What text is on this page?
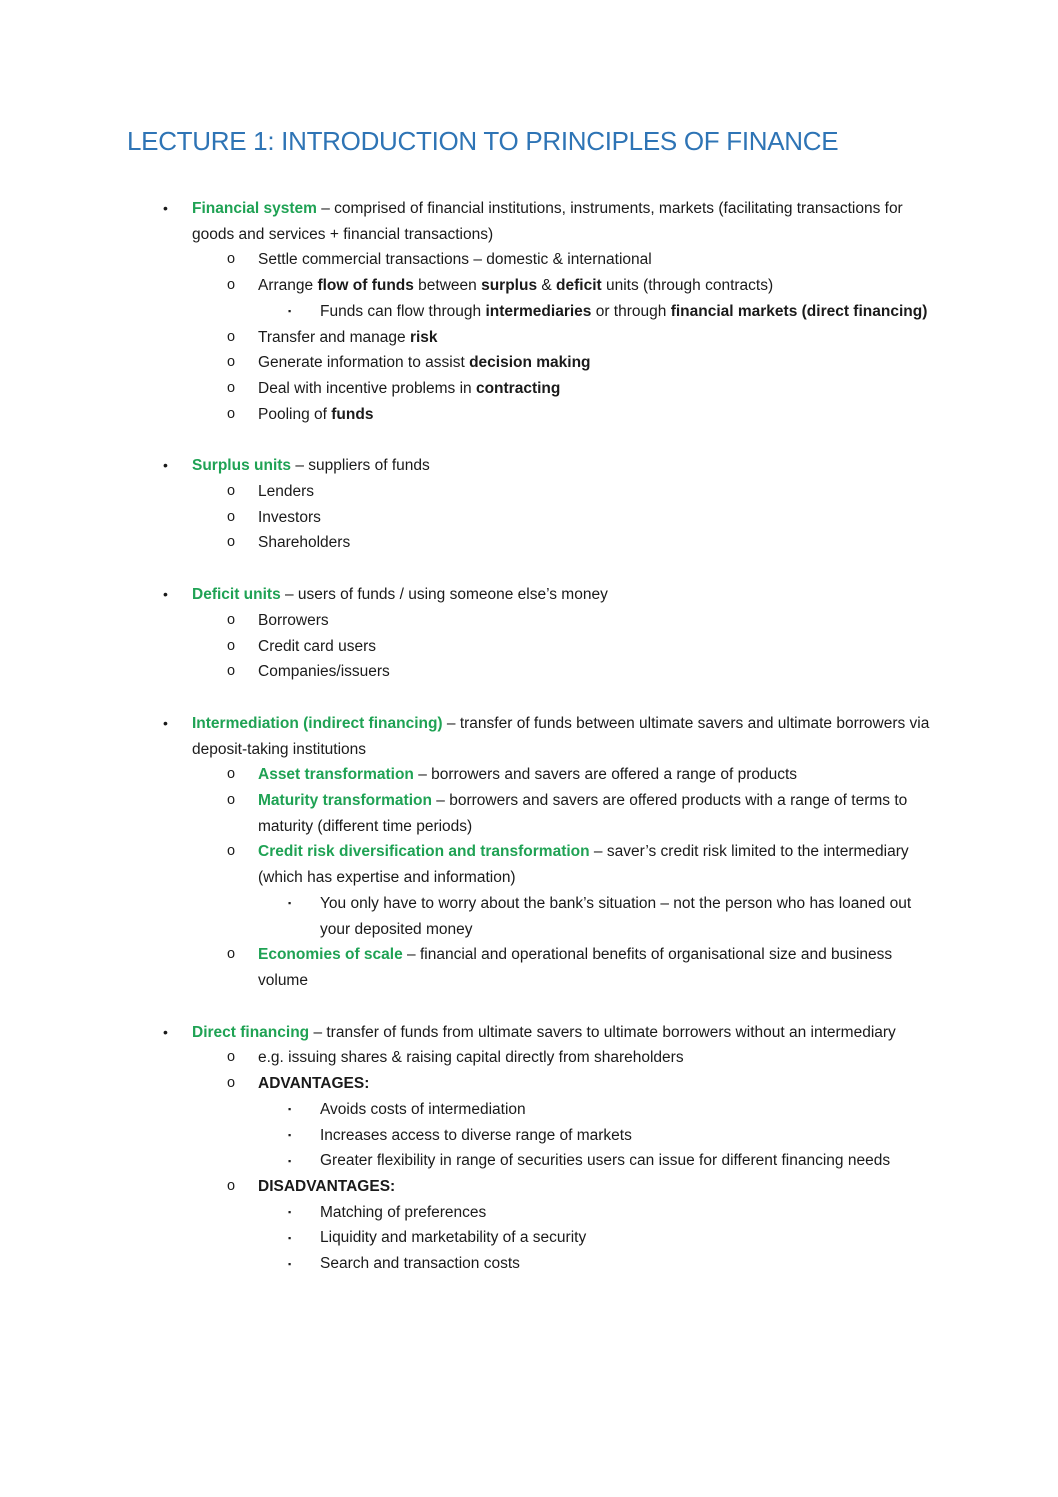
LECTURE 1: INTRODUCTION TO PRINCIPLES OF FINANCE
• Financial system – comprised of financial institutions, instruments, markets (facilitating transactions for goods and services + financial transactions)
o Settle commercial transactions – domestic & international
o Arrange flow of funds between surplus & deficit units (through contracts)
▪ Funds can flow through intermediaries or through financial markets (direct financing)
o Transfer and manage risk
o Generate information to assist decision making
o Deal with incentive problems in contracting
o Pooling of funds
• Surplus units – suppliers of funds
o Lenders
o Investors
o Shareholders
• Deficit units – users of funds / using someone else’s money
o Borrowers
o Credit card users
o Companies/issuers
• Intermediation (indirect financing) – transfer of funds between ultimate savers and ultimate borrowers via deposit-taking institutions
o Asset transformation – borrowers and savers are offered a range of products
o Maturity transformation – borrowers and savers are offered products with a range of terms to maturity (different time periods)
o Credit risk diversification and transformation – saver’s credit risk limited to the intermediary (which has expertise and information)
▪ You only have to worry about the bank’s situation – not the person who has loaned out your deposited money
o Economies of scale – financial and operational benefits of organisational size and business volume
• Direct financing – transfer of funds from ultimate savers to ultimate borrowers without an intermediary
o e.g. issuing shares & raising capital directly from shareholders
o ADVANTAGES:
▪ Avoids costs of intermediation
▪ Increases access to diverse range of markets
▪ Greater flexibility in range of securities users can issue for different financing needs
o DISADVANTAGES:
▪ Matching of preferences
▪ Liquidity and marketability of a security
▪ Search and transaction costs
